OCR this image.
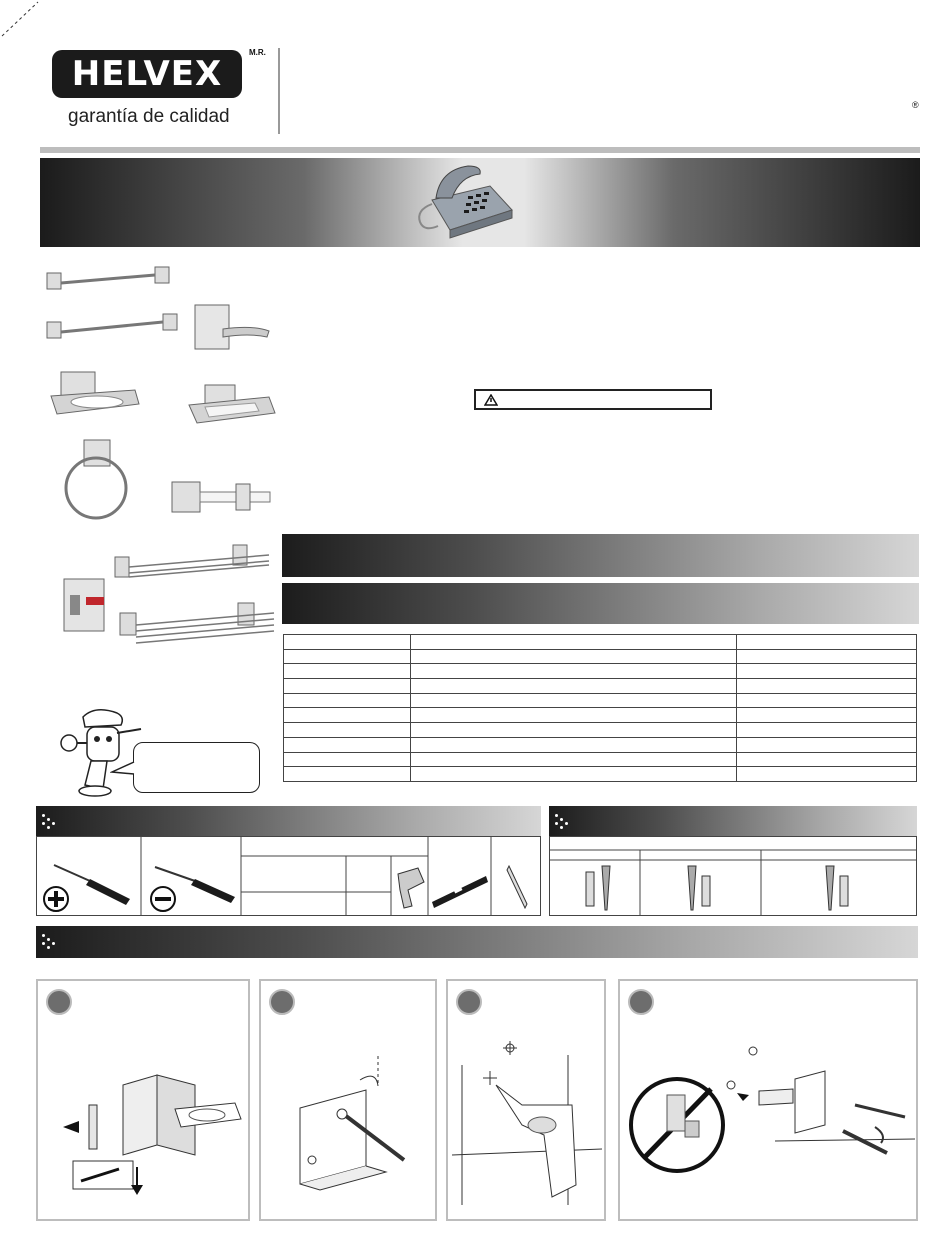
HELVEX
M.R.
garantía de calidad
®
